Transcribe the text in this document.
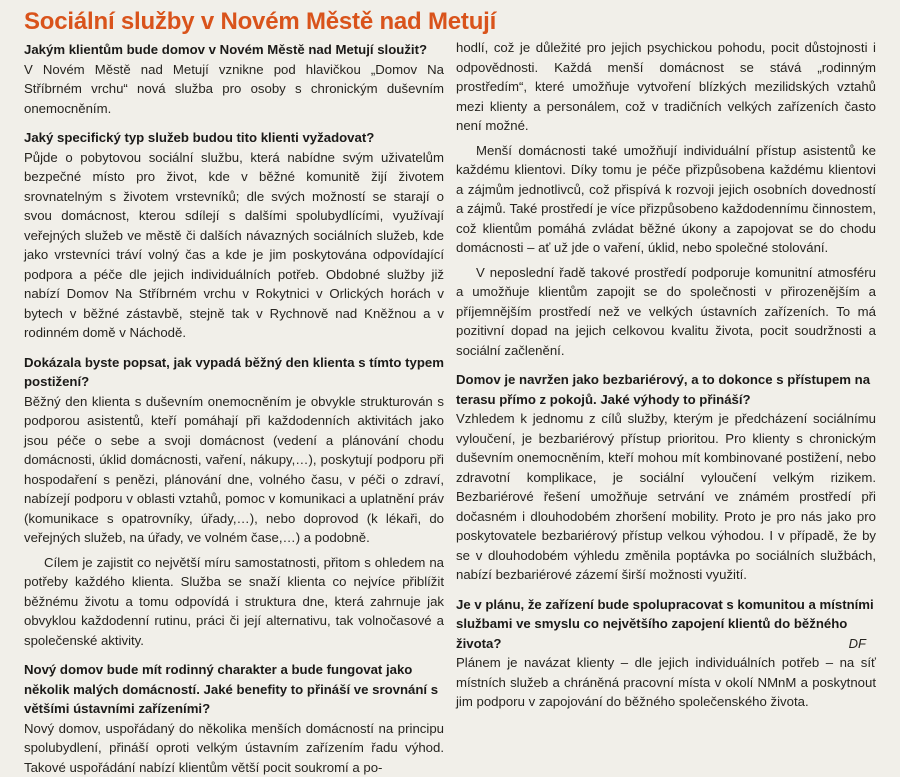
Sociální služby v Novém Městě nad Metují

Jakým klientům bude domov v Novém Městě nad Metují sloužit?

V Novém Městě nad Metují vznikne pod hlavičkou „Domov Na Stříbrném vrchu“ nová služba pro osoby s chronickým duševním onemocněním.

Jaký specifický typ služeb budou tito klienti vyžadovat?

Půjde o pobytovou sociální službu, která nabídne svým uživatelům bezpečné místo pro život, kde v běžné komunitě žijí životem srovnatelným s životem vrstevníků; dle svých možností se starají o svou domácnost, kterou sdílejí s dalšími spolubydlícími, využívají veřejných služeb ve městě či dalších návazných sociálních služeb, kde jako vrstevníci tráví volný čas a kde je jim poskytována odpovídající podpora a péče dle jejich individuálních potřeb. Obdobné služby již nabízí Domov Na Stříbrném vrchu v Rokytnici v Orlických horách v bytech v běžné zástavbě, stejně tak v Rychnově nad Kněžnou a v rodinném domě v Náchodě.

Dokázala byste popsat, jak vypadá běžný den klienta s tímto typem postižení?

Běžný den klienta s duševním onemocněním je obvykle strukturován s podporou asistentů, kteří pomáhají při každodenních aktivitách jako jsou péče o sebe a svoji domácnost (vedení a plánování chodu domácnosti, úklid domácnosti, vaření, nákupy,…), poskytují podporu při hospodaření s penězi, plánování dne, volného času, v péči o zdraví, nabízejí podporu v oblasti vztahů, pomoc v komunikaci a uplatnění práv (komunikace s opatrovníky, úřady,…), nebo doprovod (k lékaři, do veřejných služeb, na úřady, ve volném čase,…) a podobně.

Cílem je zajistit co největší míru samostatnosti, přitom s ohledem na potřeby každého klienta. Služba se snaží klienta co nejvíce přiblížit běžnému životu a tomu odpovídá i struktura dne, která zahrnuje jak obvyklou každodenní rutinu, práci či její alternativu, tak volnočasové a společenské aktivity.

Nový domov bude mít rodinný charakter a bude fungovat jako několik malých domácností. Jaké benefity to přináší ve srovnání s většími ústavními zařízeními?

Nový domov, uspořádaný do několika menších domácností na principu spolubydlení, přináší oproti velkým ústavním zařízením řadu výhod. Takové uspořádání nabízí klientům větší pocit soukromí a po-

hodlí, což je důležité pro jejich psychickou pohodu, pocit důstojnosti i odpovědnosti. Každá menší domácnost se stává „rodinným prostředím“, které umožňuje vytvoření blízkých mezilidských vztahů mezi klienty a personálem, což v tradičních velkých zařízeních často není možné.

Menší domácnosti také umožňují individuální přístup asistentů ke každému klientovi. Díky tomu je péče přizpůsobena každému klientovi a zájmům jednotlivců, což přispívá k rozvoji jejich osobních dovedností a zájmů. Také prostředí je více přizpůsobeno každodennímu činnostem, což klientům pomáhá zvládat běžné úkony a zapojovat se do chodu domácnosti – ať už jde o vaření, úklid, nebo společné stolování.

V neposlední řadě takové prostředí podporuje komunitní atmosféru a umožňuje klientům zapojit se do společnosti v přirozenějším a příjemnějším prostředí než ve velkých ústavních zařízeních. To má pozitivní dopad na jejich celkovou kvalitu života, pocit soudržnosti a sociální začlenění.

Domov je navržen jako bezbariérový, a to dokonce s přístupem na terasu přímo z pokojů. Jaké výhody to přináší?

Vzhledem k jednomu z cílů služby, kterým je předcházení sociálnímu vyloučení, je bezbariérový přístup prioritou. Pro klienty s chronickým duševním onemocněním, kteří mohou mít kombinované postižení, nebo zdravotní komplikace, je sociální vyloučení velkým rizikem. Bezbariérové řešení umožňuje setrvání ve známém prostředí při dočasném i dlouhodobém zhoršení mobility. Proto je pro nás jako pro poskytovatele bezbariérový přístup velkou výhodou. I v případě, že by se v dlouhodobém výhledu změnila poptávka po sociálních službách, nabízí bezbariérové zázemí širší možnosti využití.

Je v plánu, že zařízení bude spolupracovat s komunitou a místními službami ve smyslu co největšího zapojení klientů do běžného života?

Plánem je navázat klienty – dle jejich individuálních potřeb – na síť místních služeb a chráněná pracovní místa v okolí NMnM a poskytnout jim podporu v zapojování do běžného společenského života.

DF
